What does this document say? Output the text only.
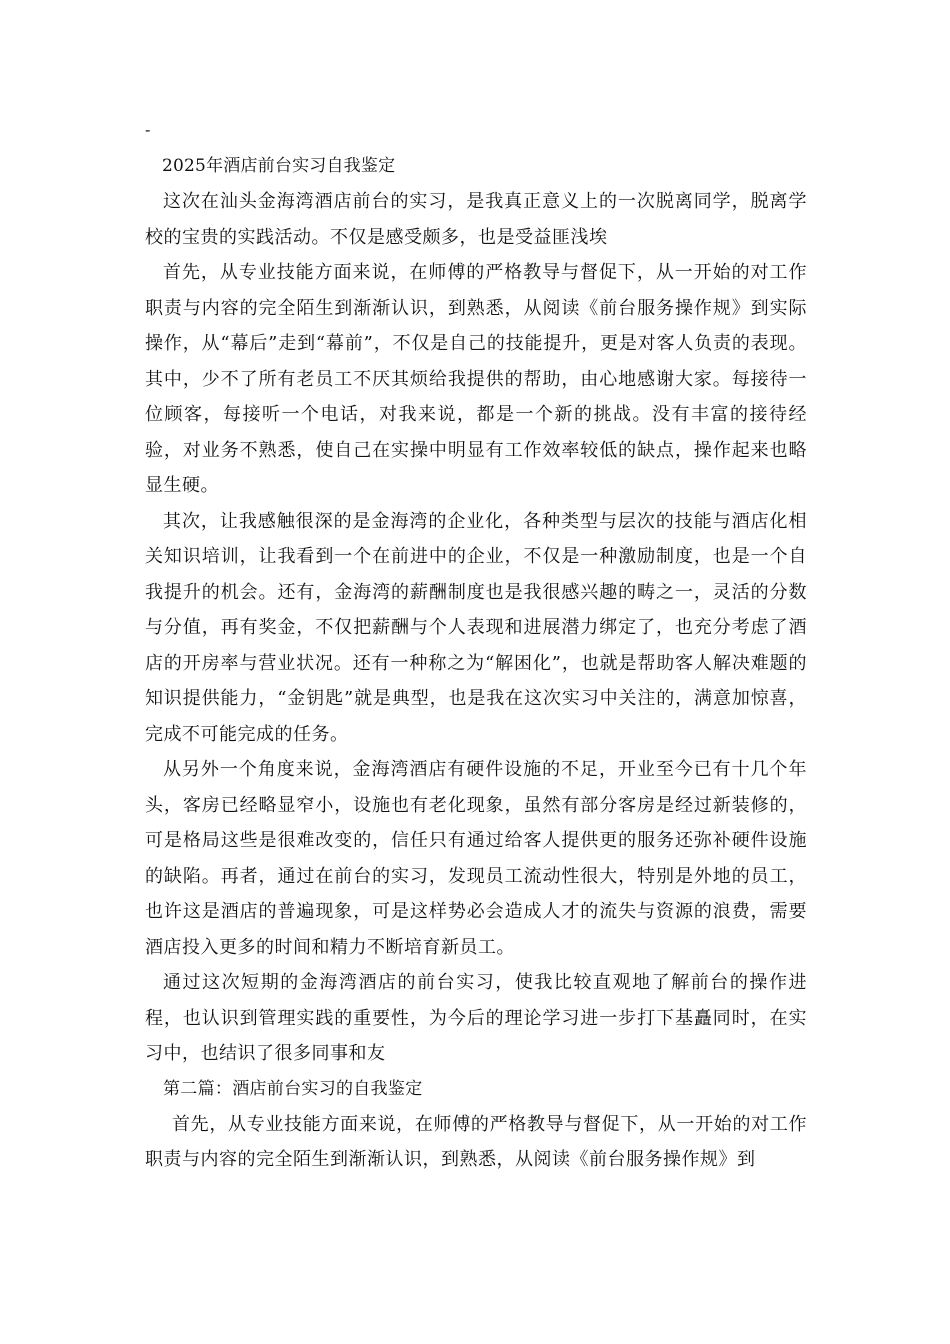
-
2025年酒店前台实习自我鉴定

这次在汕头金海湾酒店前台的实习，是我真正意义上的一次脱离同学，脱离学校的宝贵的实践活动。不仅是感受颇多，也是受益匪浅埃

首先，从专业技能方面来说，在师傅的严格教导与督促下，从一开始的对工作职责与内容的完全陌生到渐渐认识，到熟悉，从阅读《前台服务操作规》到实际操作，从“幕后”走到“幕前”，不仅是自己的技能提升，更是对客人负责的表现。其中，少不了所有老员工不厌其烦给我提供的帮助，由心地感谢大家。每接待一位顾客，每接听一个电话，对我来说，都是一个新的挑战。没有丰富的接待经验，对业务不熟悉，使自己在实操中明显有工作效率较低的缺点，操作起来也略显生硬。

其次，让我感触很深的是金海湾的企业化，各种类型与层次的技能与酒店化相关知识培训，让我看到一个在前进中的企业，不仅是一种激励制度，也是一个自我提升的机会。还有，金海湾的薪酬制度也是我很感兴趣的畴之一，灵活的分数与分值，再有奖金，不仅把薪酬与个人表现和进展潜力绑定了，也充分考虑了酒店的开房率与营业状况。还有一种称之为“解困化”，也就是帮助客人解决难题的知识提供能力，“金钥匙”就是典型，也是我在这次实习中关注的，满意加惊喜，完成不可能完成的任务。

从另外一个角度来说，金海湾酒店有硬件设施的不足，开业至今已有十几个年头，客房已经略显窄小，设施也有老化现象，虽然有部分客房是经过新装修的，可是格局这些是很难改变的，信任只有通过给客人提供更的服务还弥补硬件设施的缺陷。再者，通过在前台的实习，发现员工流动性很大，特别是外地的员工，也许这是酒店的普遍现象，可是这样势必会造成人才的流失与资源的浪费，需要酒店投入更多的时间和精力不断培育新员工。

通过这次短期的金海湾酒店的前台实习，使我比较直观地了解前台的操作进程，也认识到管理实践的重要性，为今后的理论学习进一步打下基矗同时，在实习中，也结识了很多同事和友

第二篇：酒店前台实习的自我鉴定

首先，从专业技能方面来说，在师傅的严格教导与督促下，从一开始的对工作职责与内容的完全陌生到渐渐认识，到熟悉，从阅读《前台服务操作规》到
